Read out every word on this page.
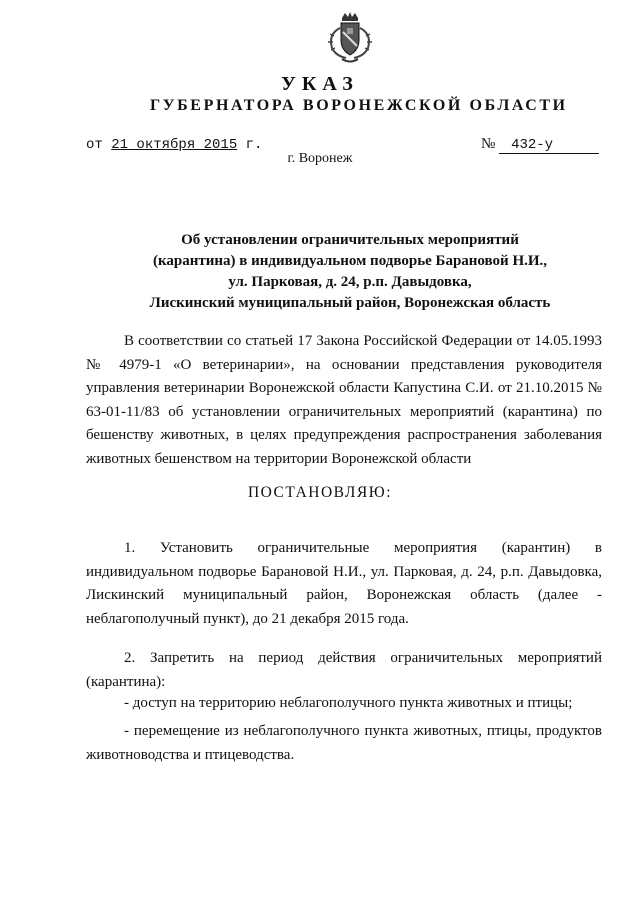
УКАЗ
ГУБЕРНАТОРА ВОРОНЕЖСКОЙ ОБЛАСТИ
от 21 октября 2015 г.	№ 432-у
г. Воронеж
Об установлении ограничительных мероприятий
(карантина) в индивидуальном подворье Барановой Н.И.,
ул. Парковая, д. 24, р.п. Давыдовка,
Лискинский муниципальный район, Воронежская область
В соответствии со статьей 17 Закона Российской Федерации от 14.05.1993 № 4979-1 «О ветеринарии», на основании представления руководителя управления ветеринарии Воронежской области Капустина С.И. от 21.10.2015 № 63-01-11/83 об установлении ограничительных мероприятий (карантина) по бешенству животных, в целях предупреждения распространения заболевания животных бешенством на территории Воронежской области
ПОСТАНОВЛЯЮ:
1. Установить ограничительные мероприятия (карантин) в индивидуальном подворье Барановой Н.И., ул. Парковая, д. 24, р.п. Давыдовка, Лискинский муниципальный район, Воронежская область (далее - неблагополучный пункт), до 21 декабря 2015 года.
2. Запретить на период действия ограничительных мероприятий (карантина):
- доступ на территорию неблагополучного пункта животных и птицы;
- перемещение из неблагополучного пункта животных, птицы, продуктов животноводства и птицеводства.
